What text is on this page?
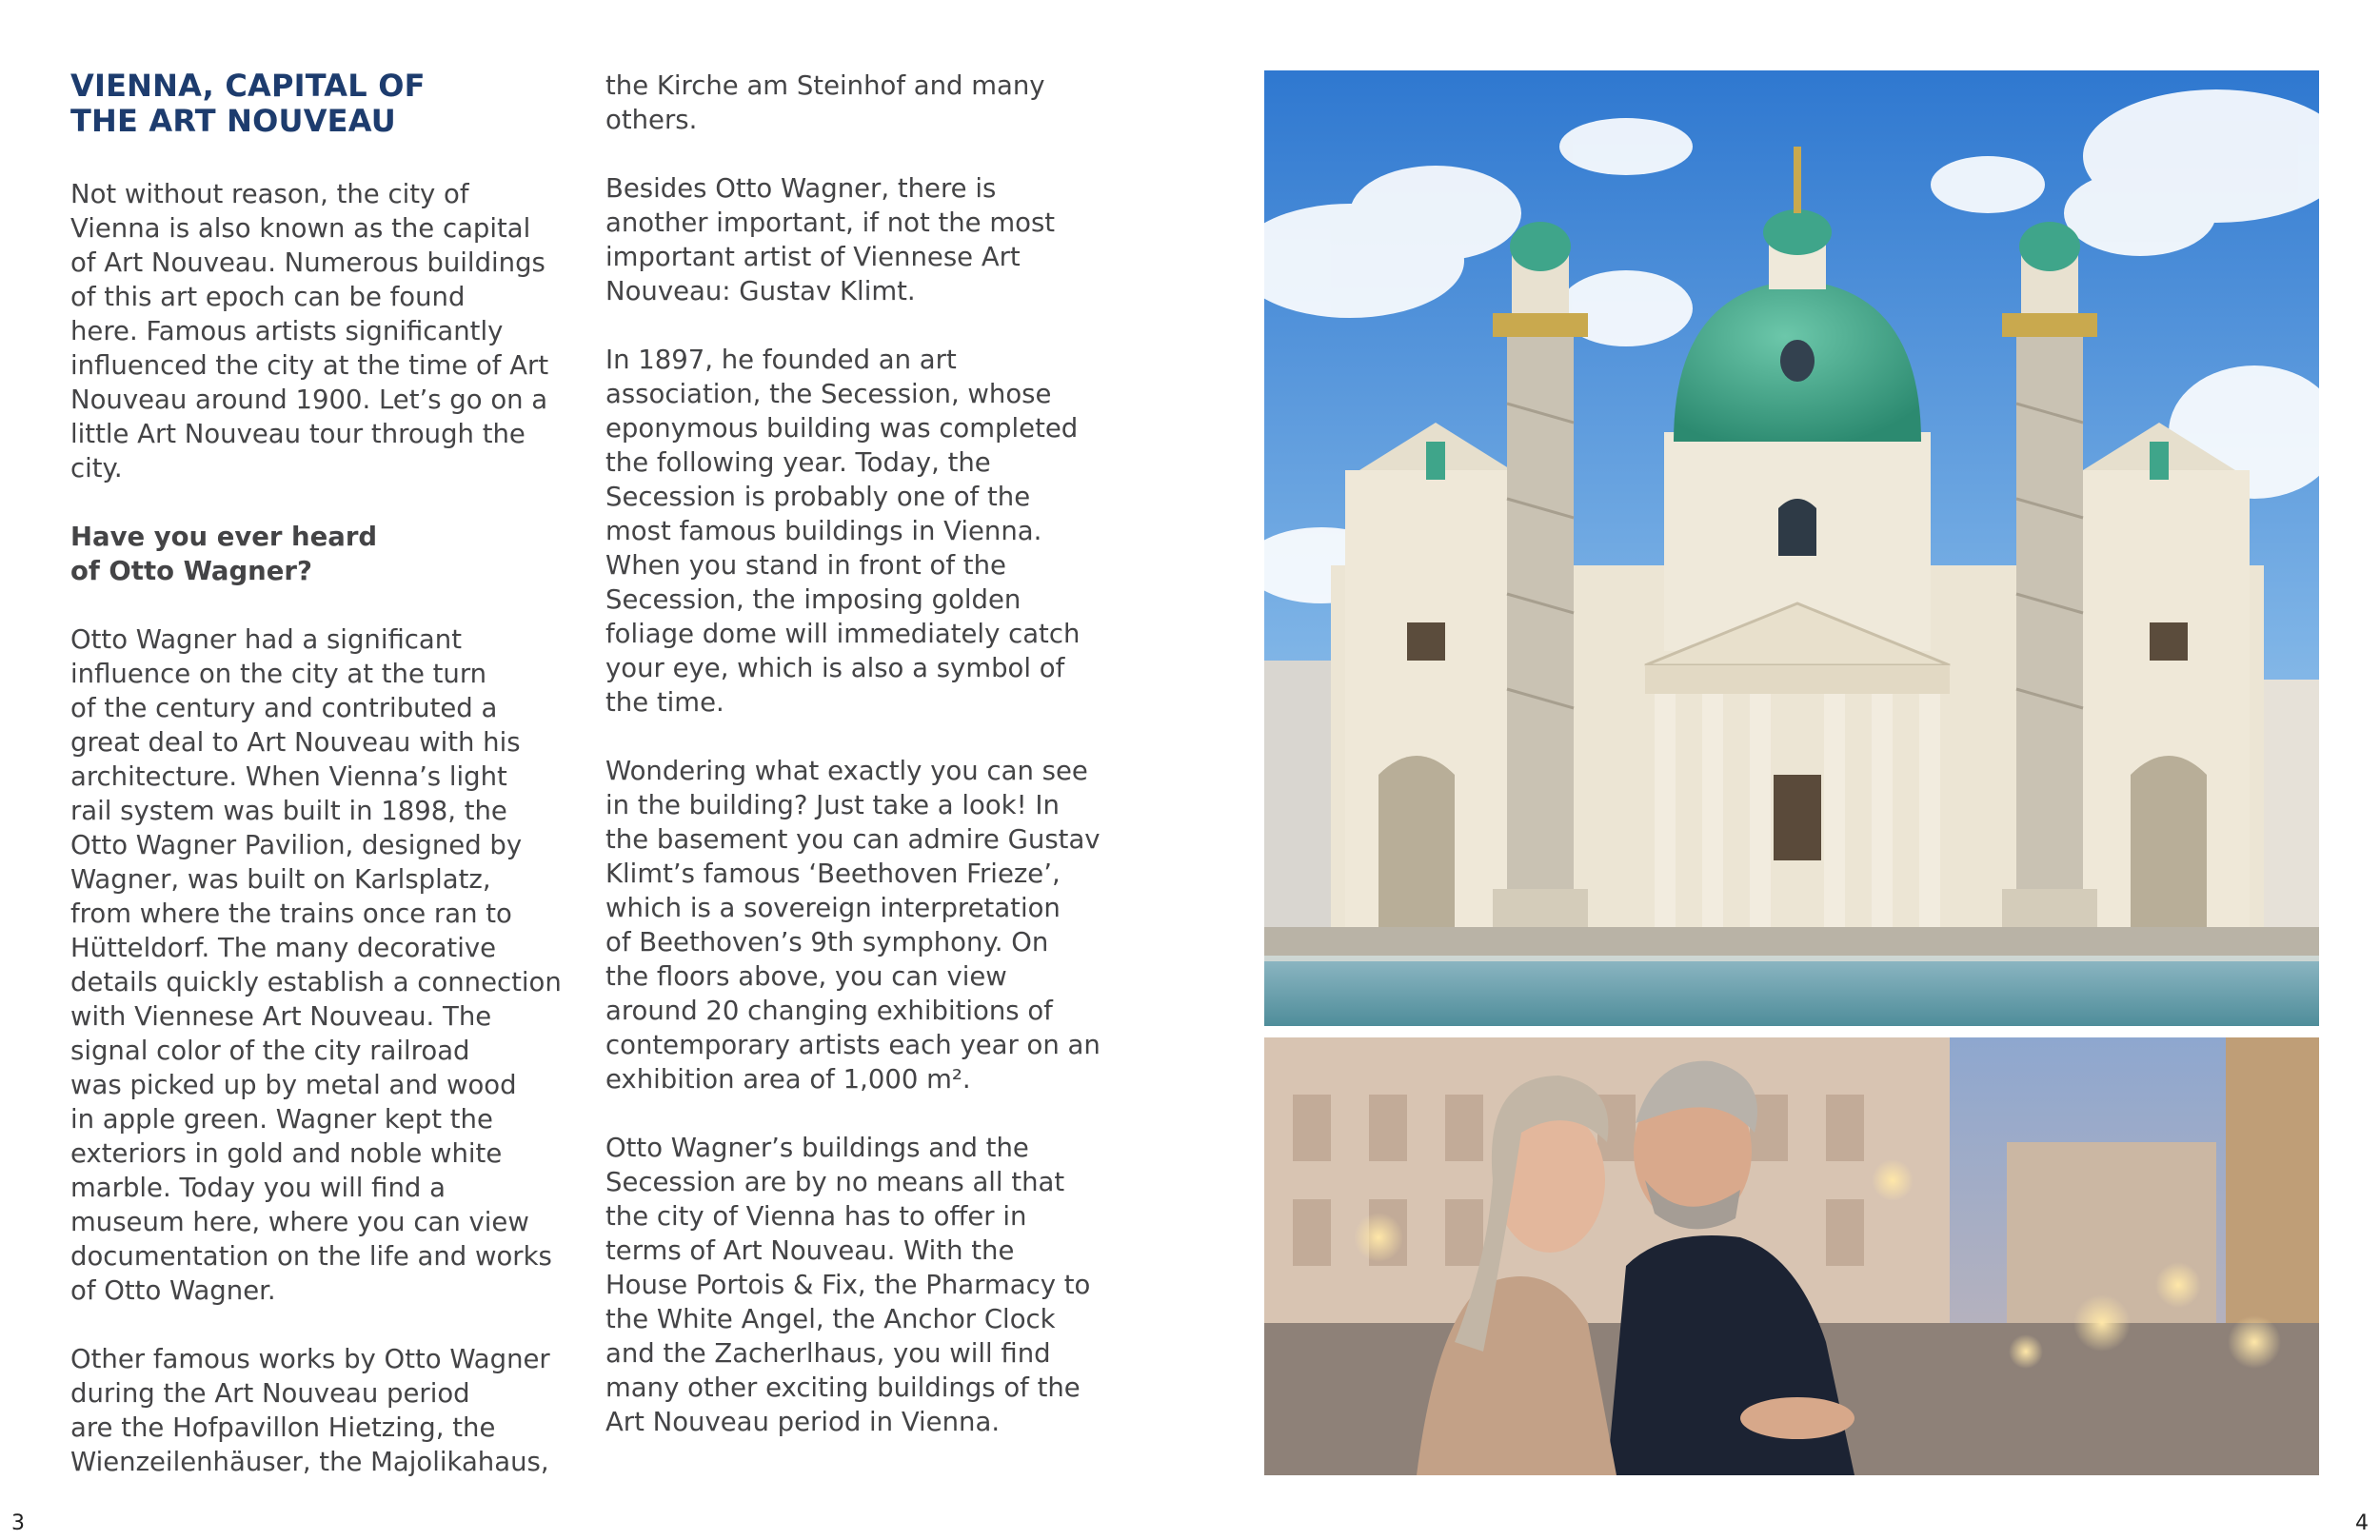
VIENNA, CAPITAL OF
THE ART NOUVEAU

Not without reason, the city of
Vienna is also known as the capital
of Art Nouveau. Numerous buildings
of this art epoch can be found
here. Famous artists significantly
influenced the city at the time of Art
Nouveau around 1900. Let’s go on a
little Art Nouveau tour through the
city.

Have you ever heard
of Otto Wagner?

Otto Wagner had a significant
influence on the city at the turn
of the century and contributed a
great deal to Art Nouveau with his
architecture. When Vienna’s light
rail system was built in 1898, the
Otto Wagner Pavilion, designed by
Wagner, was built on Karlsplatz,
from where the trains once ran to
Hütteldorf. The many decorative
details quickly establish a connection
with Viennese Art Nouveau. The
signal color of the city railroad
was picked up by metal and wood
in apple green. Wagner kept the
exteriors in gold and noble white
marble. Today you will find a
museum here, where you can view
documentation on the life and works
of Otto Wagner.

Other famous works by Otto Wagner
during the Art Nouveau period
are the Hofpavillon Hietzing, the
Wienzeilenhäuser, the Majolikahaus,

the Kirche am Steinhof and many
others.

Besides Otto Wagner, there is
another important, if not the most
important artist of Viennese Art
Nouveau: Gustav Klimt.

In 1897, he founded an art
association, the Secession, whose
eponymous building was completed
the following year. Today, the
Secession is probably one of the
most famous buildings in Vienna.
When you stand in front of the
Secession, the imposing golden
foliage dome will immediately catch
your eye, which is also a symbol of
the time.

Wondering what exactly you can see
in the building? Just take a look! In
the basement you can admire Gustav
Klimt’s famous ‘Beethoven Frieze’,
which is a sovereign interpretation
of Beethoven’s 9th symphony. On
the floors above, you can view
around 20 changing exhibitions of
contemporary artists each year on an
exhibition area of 1,000 m².

Otto Wagner’s buildings and the
Secession are by no means all that
the city of Vienna has to offer in
terms of Art Nouveau. With the
House Portois & Fix, the Pharmacy to
the White Angel, the Anchor Clock
and the Zacherlhaus, you will find
many other exciting buildings of the
Art Nouveau period in Vienna.

3	4
